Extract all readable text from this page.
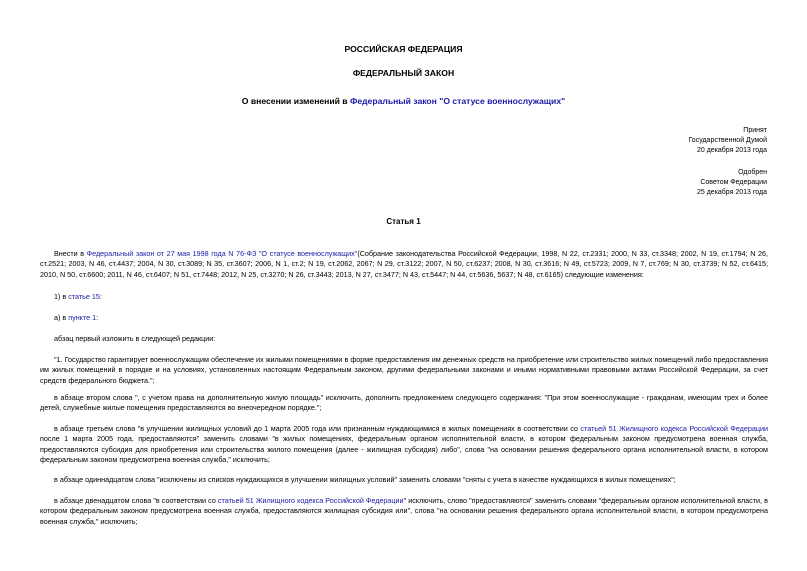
РОССИЙСКАЯ ФЕДЕРАЦИЯ
ФЕДЕРАЛЬНЫЙ ЗАКОН
О внесении изменений в Федеральный закон "О статусе военнослужащих"
Принят
Государственной Думой
20 декабря 2013 года
Одобрен
Советом Федерации
25 декабря 2013 года
Статья 1
Внести в Федеральный закон от 27 мая 1998 года N 76-ФЗ "О статусе военнослужащих"(Собрание законодательства Российской Федерации, 1998, N 22, ст.2331; 2000, N 33, ст.3348; 2002, N 19, ст.1794; N 26, ст.2521; 2003, N 46, ст.4437; 2004, N 30, ст.3089; N 35, ст.3607; 2006, N 1, ст.2; N 19, ст.2062, 2067; N 29, ст.3122; 2007, N 50, ст.6237; 2008, N 30, ст.3616; N 49, ст.5723; 2009, N 7, ст.769; N 30, ст.3739; N 52, ст.6415; 2010, N 50, ст.6600; 2011, N 46, ст.6407; N 51, ст.7448; 2012, N 25, ст.3270; N 26, ст.3443; 2013, N 27, ст.3477; N 43, ст.5447; N 44, ст.5636, 5637; N 48, ст.6165) следующие изменения:
1) в статье 15:
а) в пункте 1:
абзац первый изложить в следующей редакции:
"1. Государство гарантирует военнослужащим обеспечение их жилыми помещениями в форме предоставления им денежных средств на приобретение или строительство жилых помещений либо предоставления им жилых помещений в порядке и на условиях, установленных настоящим Федеральным законом, другими федеральными законами и иными нормативными правовыми актами Российской Федерации, за счет средств федерального бюджета.";
в абзаце втором слова ", с учетом права на дополнительную жилую площадь" исключить, дополнить предложением следующего содержания: "При этом военнослужащие - гражданам, имеющим трех и более детей, служебные жилые помещения предоставляются во внеочередном порядке.";
в абзаце третьем слова "в улучшении жилищных условий до 1 марта 2005 года или признанным нуждающимися в жилых помещениях в соответствии со статьей 51 Жилищного кодекса Российской Федерации после 1 марта 2005 года, предоставляются" заменить словами "в жилых помещениях, федеральным органом исполнительной власти, в котором федеральным законом предусмотрена военная служба, предоставляются субсидия для приобретения или строительства жилого помещения (далее - жилищная субсидия) либо", слова "на основании решения федерального органа исполнительной власти, в котором федеральным законом предусмотрена военная служба," исключить;
в абзаце одиннадцатом слова "исключены из списков нуждающихся в улучшении жилищных условий" заменить словами "сняты с учета в качестве нуждающихся в жилых помещениях";
в абзаце двенадцатом слова "в соответствии со статьей 51 Жилищного кодекса Российской Федерации" исключить, слово "предоставляются" заменить словами "федеральным органом исполнительной власти, в котором федеральным законом предусмотрена военная служба, предоставляются жилищная субсидия или", слова "на основании решения федерального органа исполнительной власти, в котором предусмотрена военная служба," исключить;
